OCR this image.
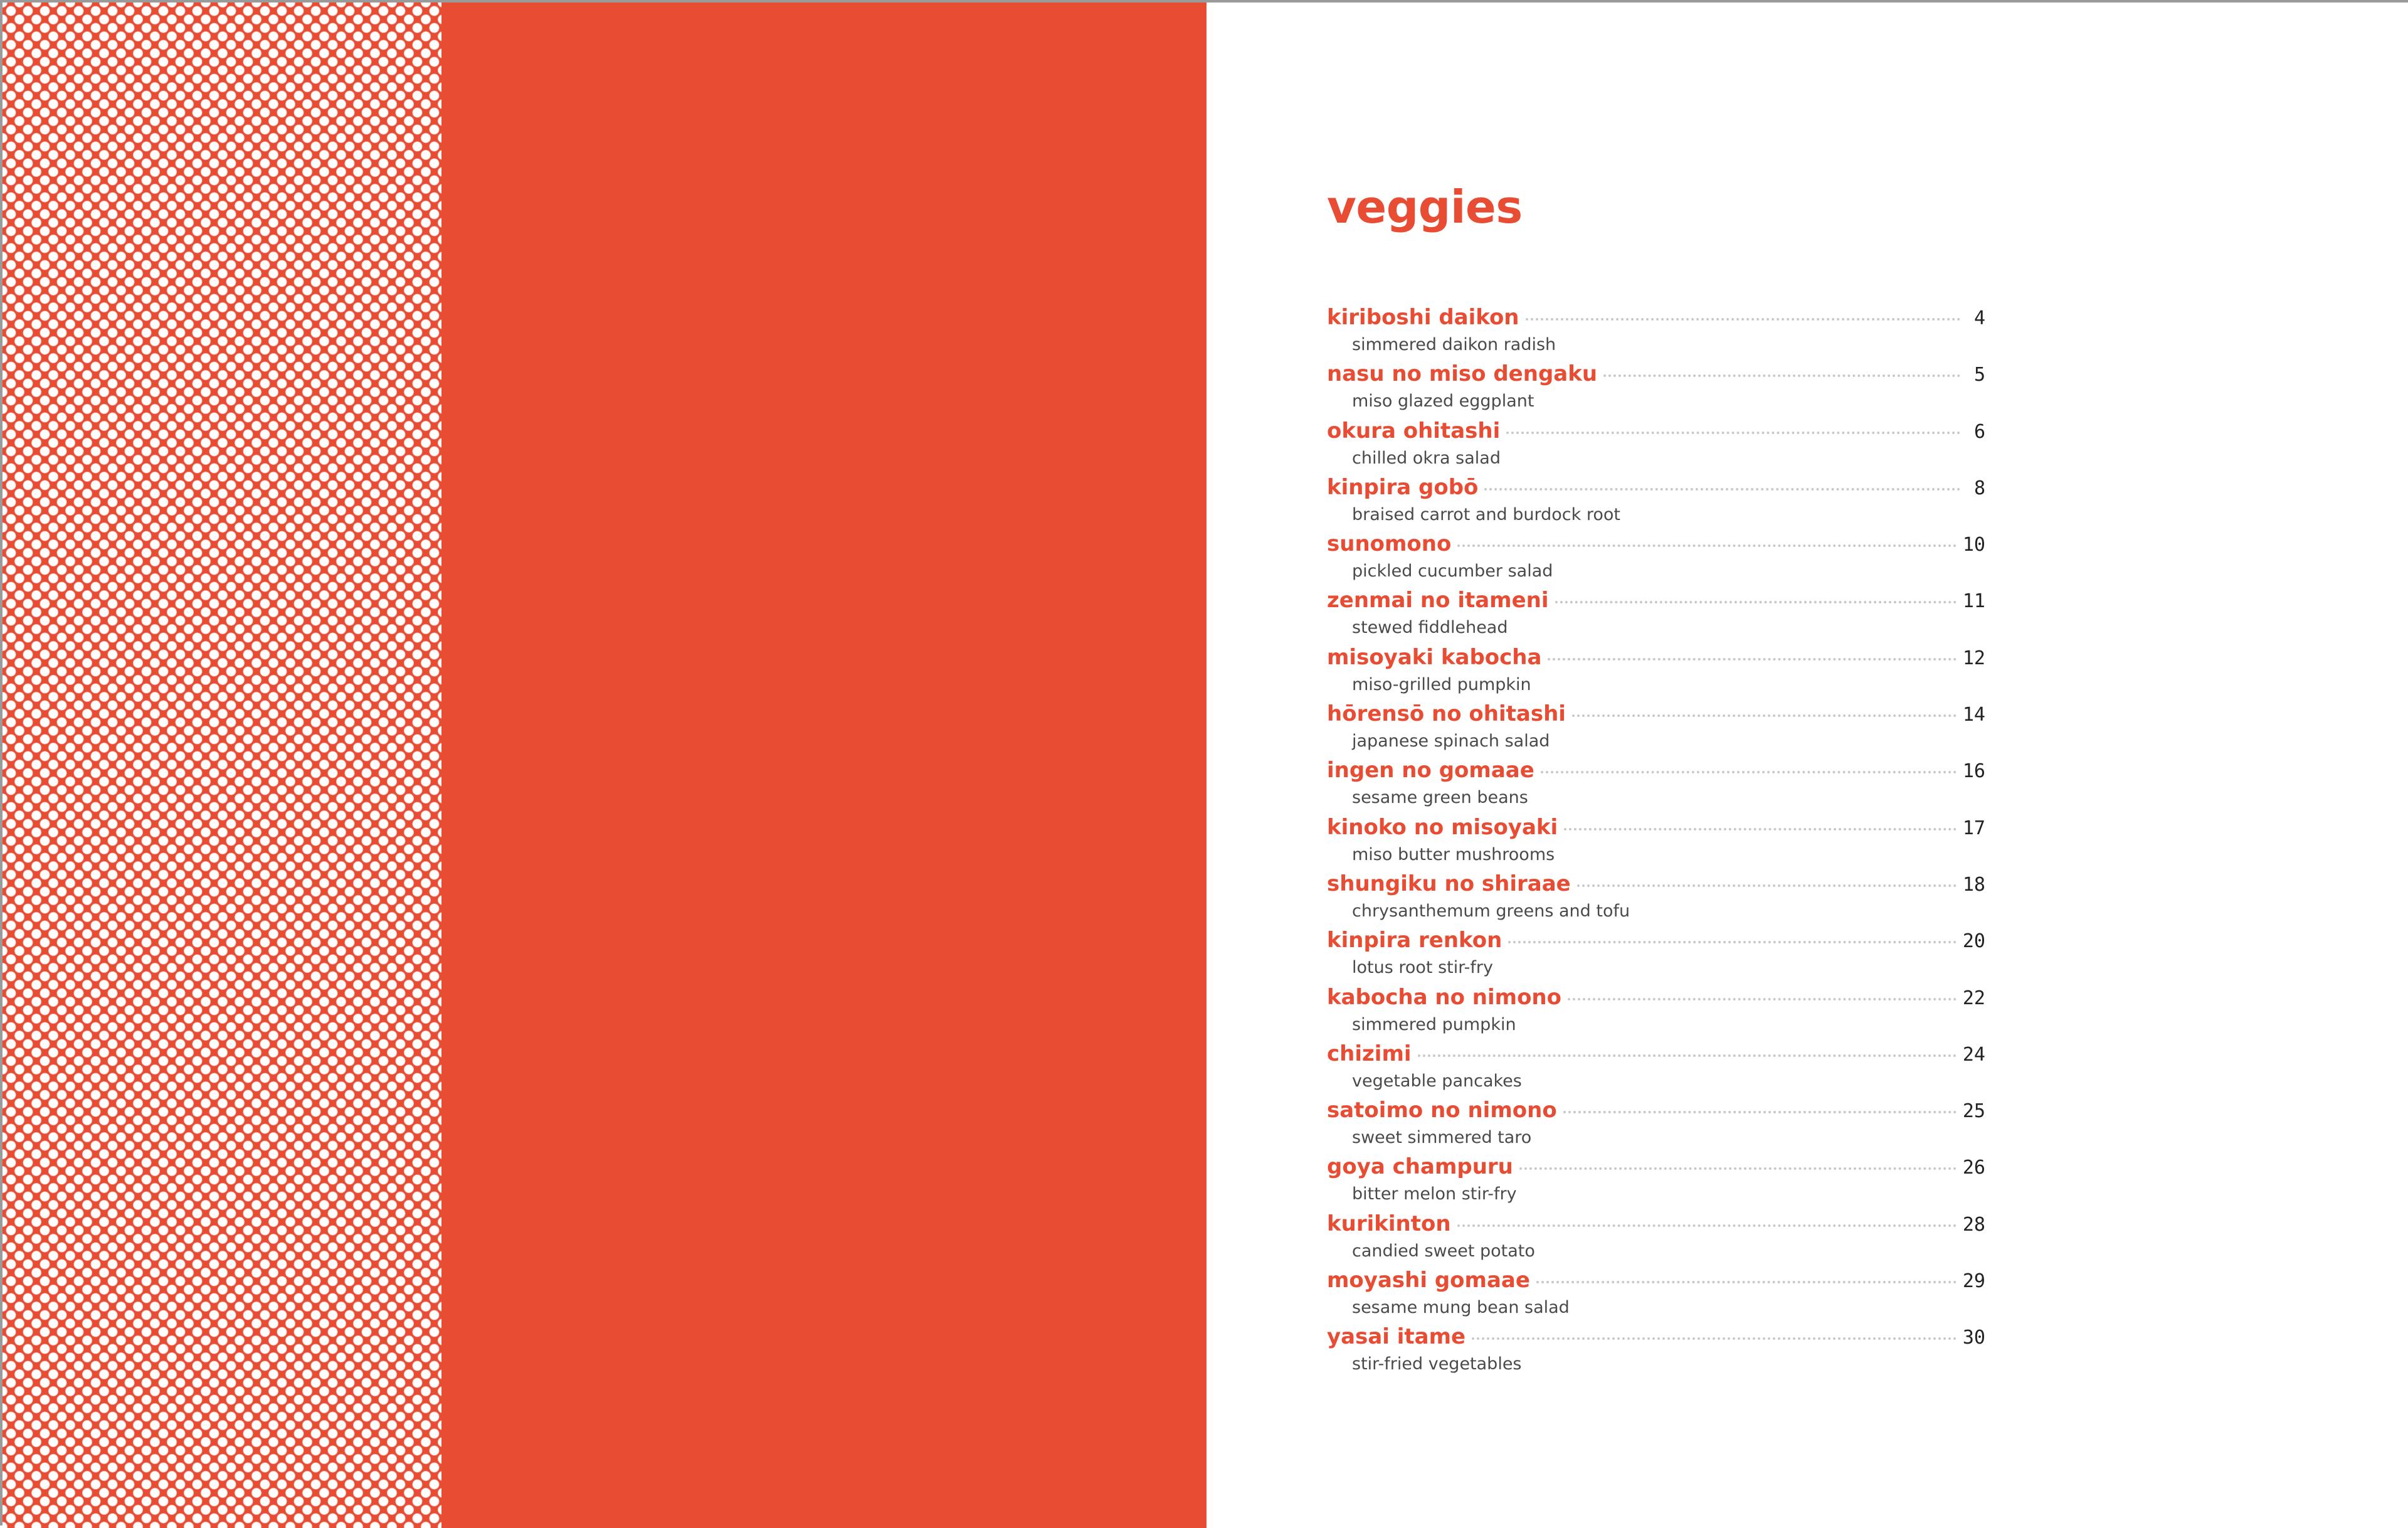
veggies
kiriboshi daikon	4
simmered daikon radish
nasu no miso dengaku	5
miso glazed eggplant
okura ohitashi	6
chilled okra salad
kinpira gobō	8
braised carrot and burdock root
sunomono	10
pickled cucumber salad
zenmai no itameni	11
stewed fiddlehead
misoyaki kabocha	12
miso-grilled pumpkin
hōrensō no ohitashi	14
japanese spinach salad
ingen no gomaae	16
sesame green beans
kinoko no misoyaki	17
miso butter mushrooms
shungiku no shiraae	18
chrysanthemum greens and tofu
kinpira renkon	20
lotus root stir-fry
kabocha no nimono	22
simmered pumpkin
chizimi	24
vegetable pancakes
satoimo no nimono	25
sweet simmered taro
goya champuru	26
bitter melon stir-fry
kurikinton	28
candied sweet potato
moyashi gomaae	29
sesame mung bean salad
yasai itame	30
stir-fried vegetables
